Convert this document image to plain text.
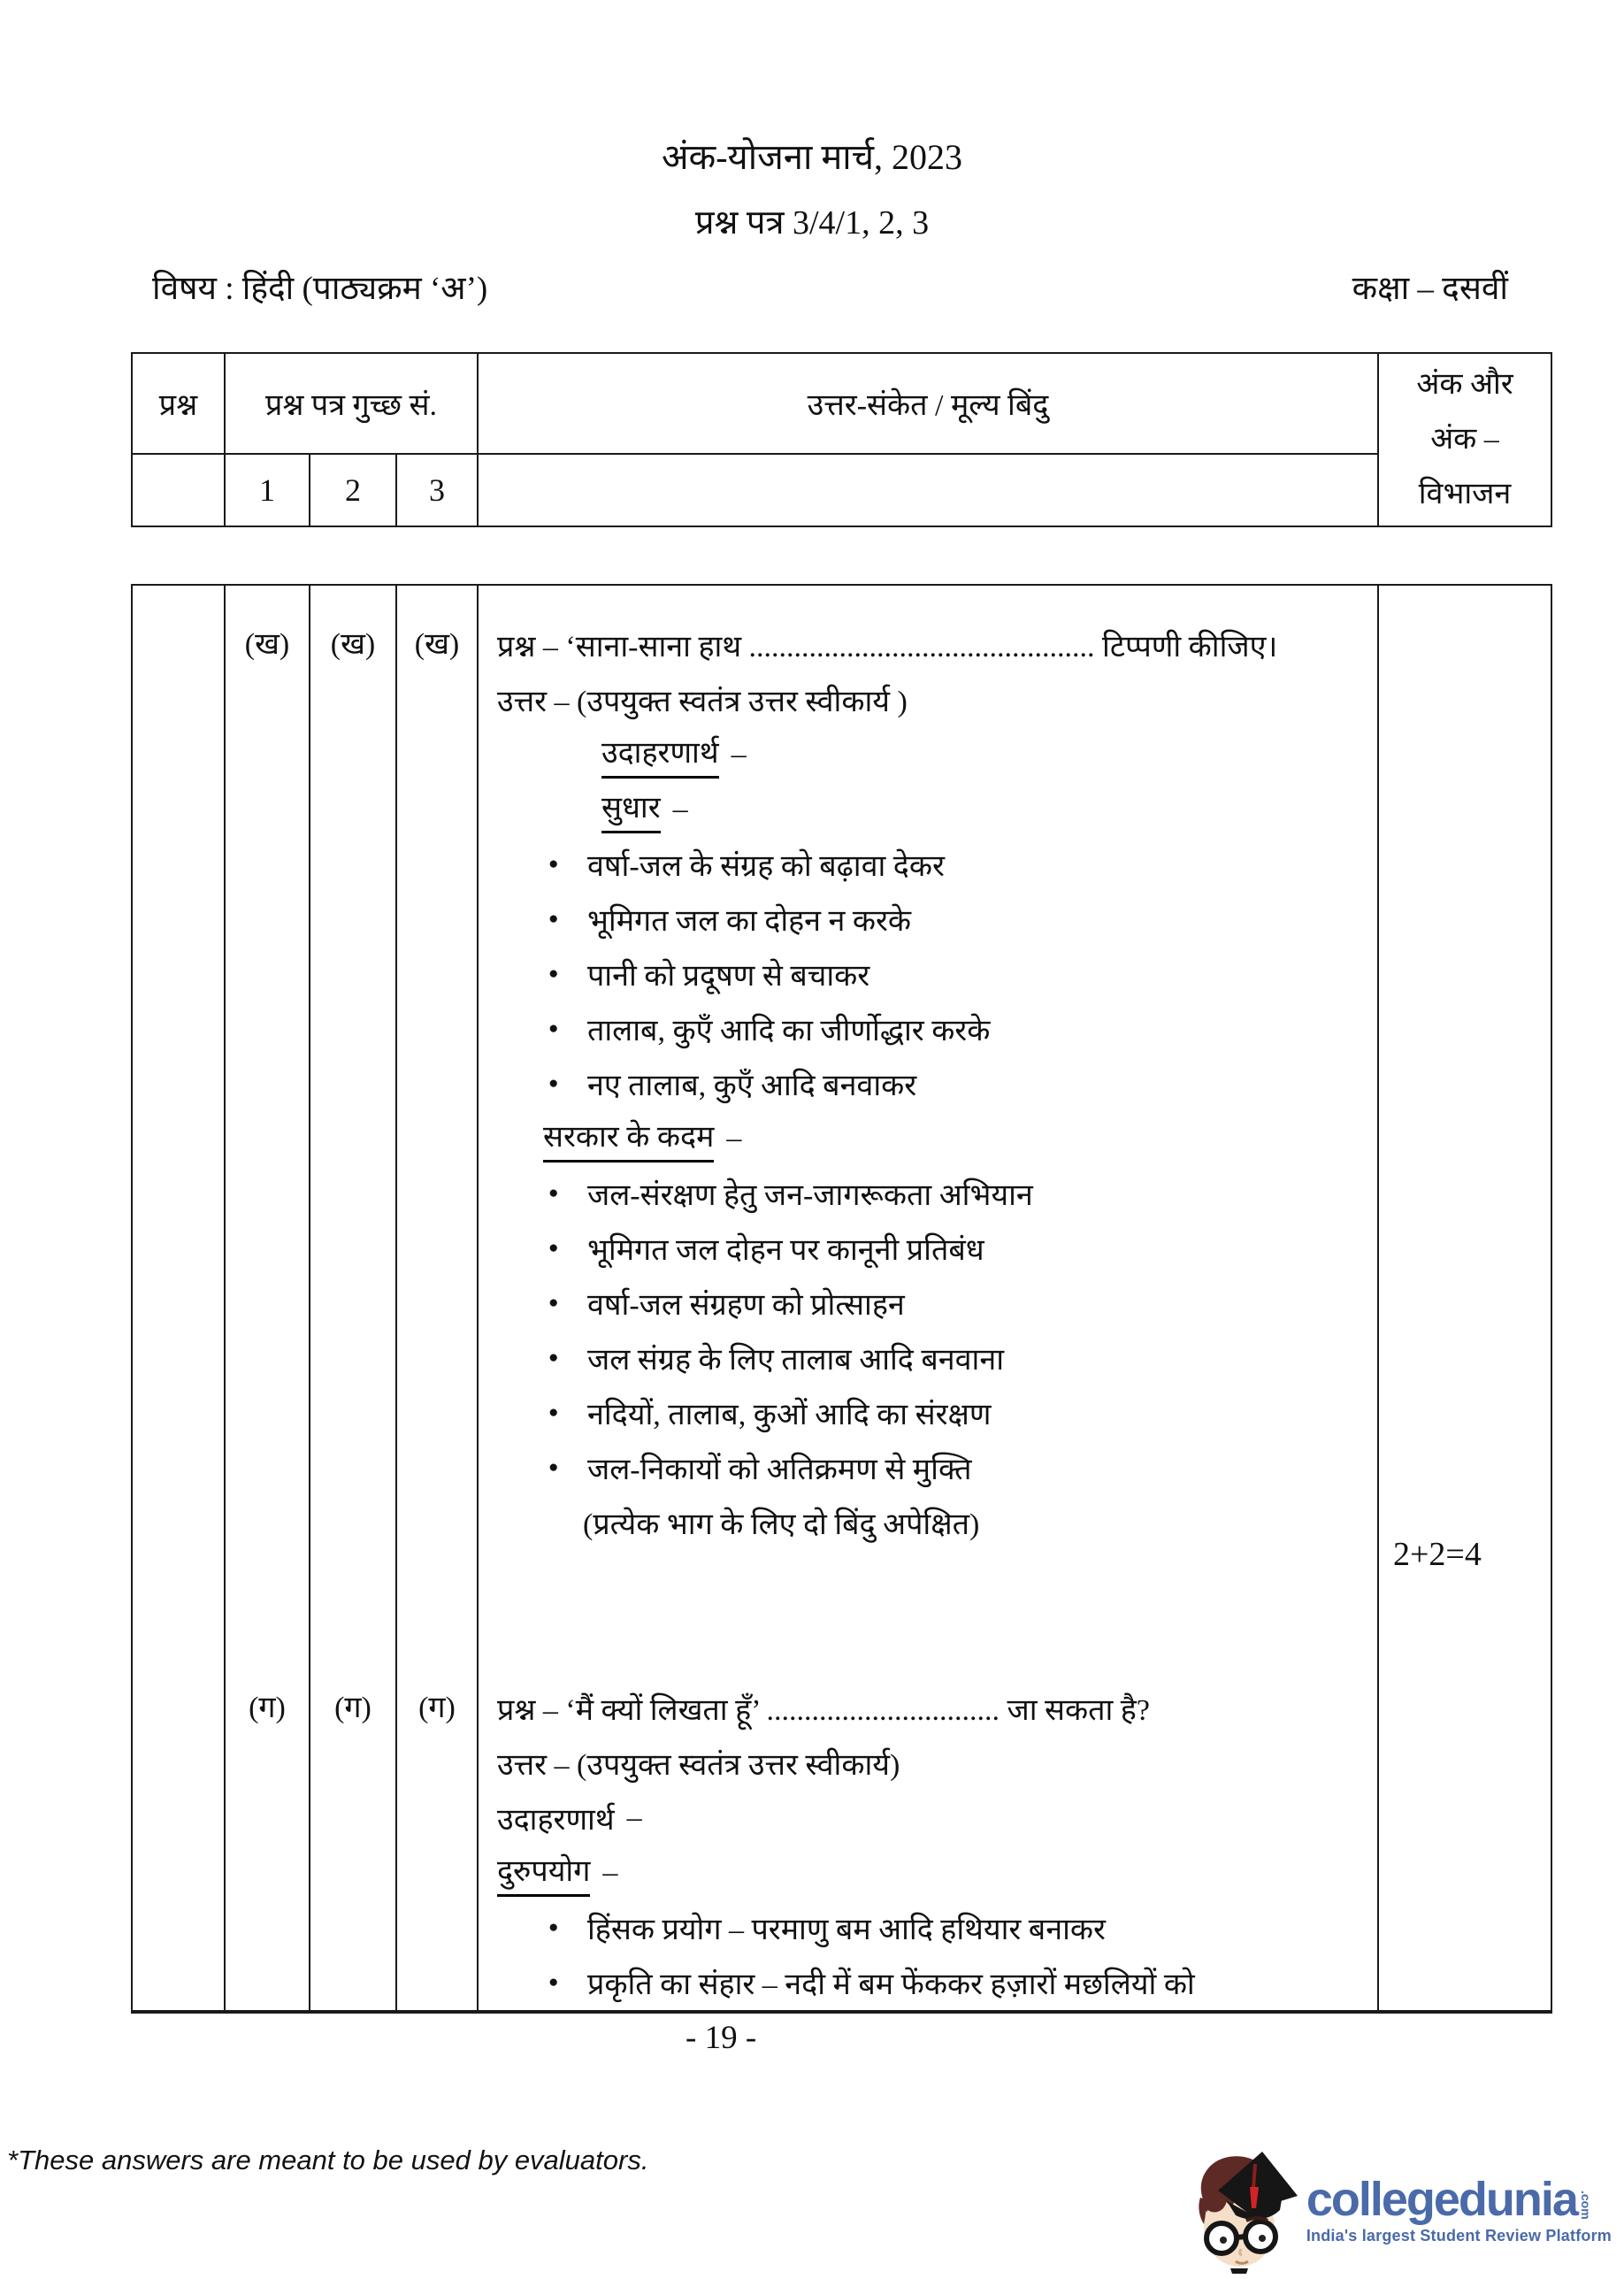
अंक-योजना मार्च, 2023
प्रश्न पत्र 3/4/1, 2, 3
विषय : हिंदी (पाठ्यक्रम ‘अ’)	कक्षा – दसवीं
प्रश्न	प्रश्न पत्र गुच्छ सं.			उत्तर-संकेत / मूल्य बिंदु	अंक और
अंक –
विभाजन

	1	2	3		
	(ख)	(ख)	(ख)	प्रश्न – ‘साना-साना हाथ .............................................. टिप्पणी कीजिए।
उत्तर – (उपयुक्त स्वतंत्र उत्तर स्वीकार्य )
उदाहरणार्थ –
सुधार –
● वर्षा-जल के संग्रह को बढ़ावा देकर
● भूमिगत जल का दोहन न करके
● पानी को प्रदूषण से बचाकर
● तालाब, कुएँ आदि का जीर्णोद्धार करके
● नए तालाब, कुएँ आदि बनवाकर
सरकार के कदम –
● जल-संरक्षण हेतु जन-जागरूकता अभियान
● भूमिगत जल दोहन पर कानूनी प्रतिबंध
● वर्षा-जल संग्रहण को प्रोत्साहन
● जल संग्रह के लिए तालाब आदि बनवाना
● नदियों, तालाब, कुओं आदि का संरक्षण
● जल-निकायों को अतिक्रमण से मुक्ति
(प्रत्येक भाग के लिए दो बिंदु अपेक्षित)

2+2=4

	(ग)	(ग)	(ग)	प्रश्न – ‘मैं क्यों लिखता हूँ’ ............................... जा सकता है?
उत्तर – (उपयुक्त स्वतंत्र उत्तर स्वीकार्य)
उदाहरणार्थ –
दुरुपयोग –
● हिंसक प्रयोग – परमाणु बम आदि हथियार बनाकर
● प्रकृति का संहार – नदी में बम फेंककर हज़ारों मछलियों को

- 19 -
*These answers are meant to be used by evaluators.
collegedunia .com
India's largest Student Review Platform
